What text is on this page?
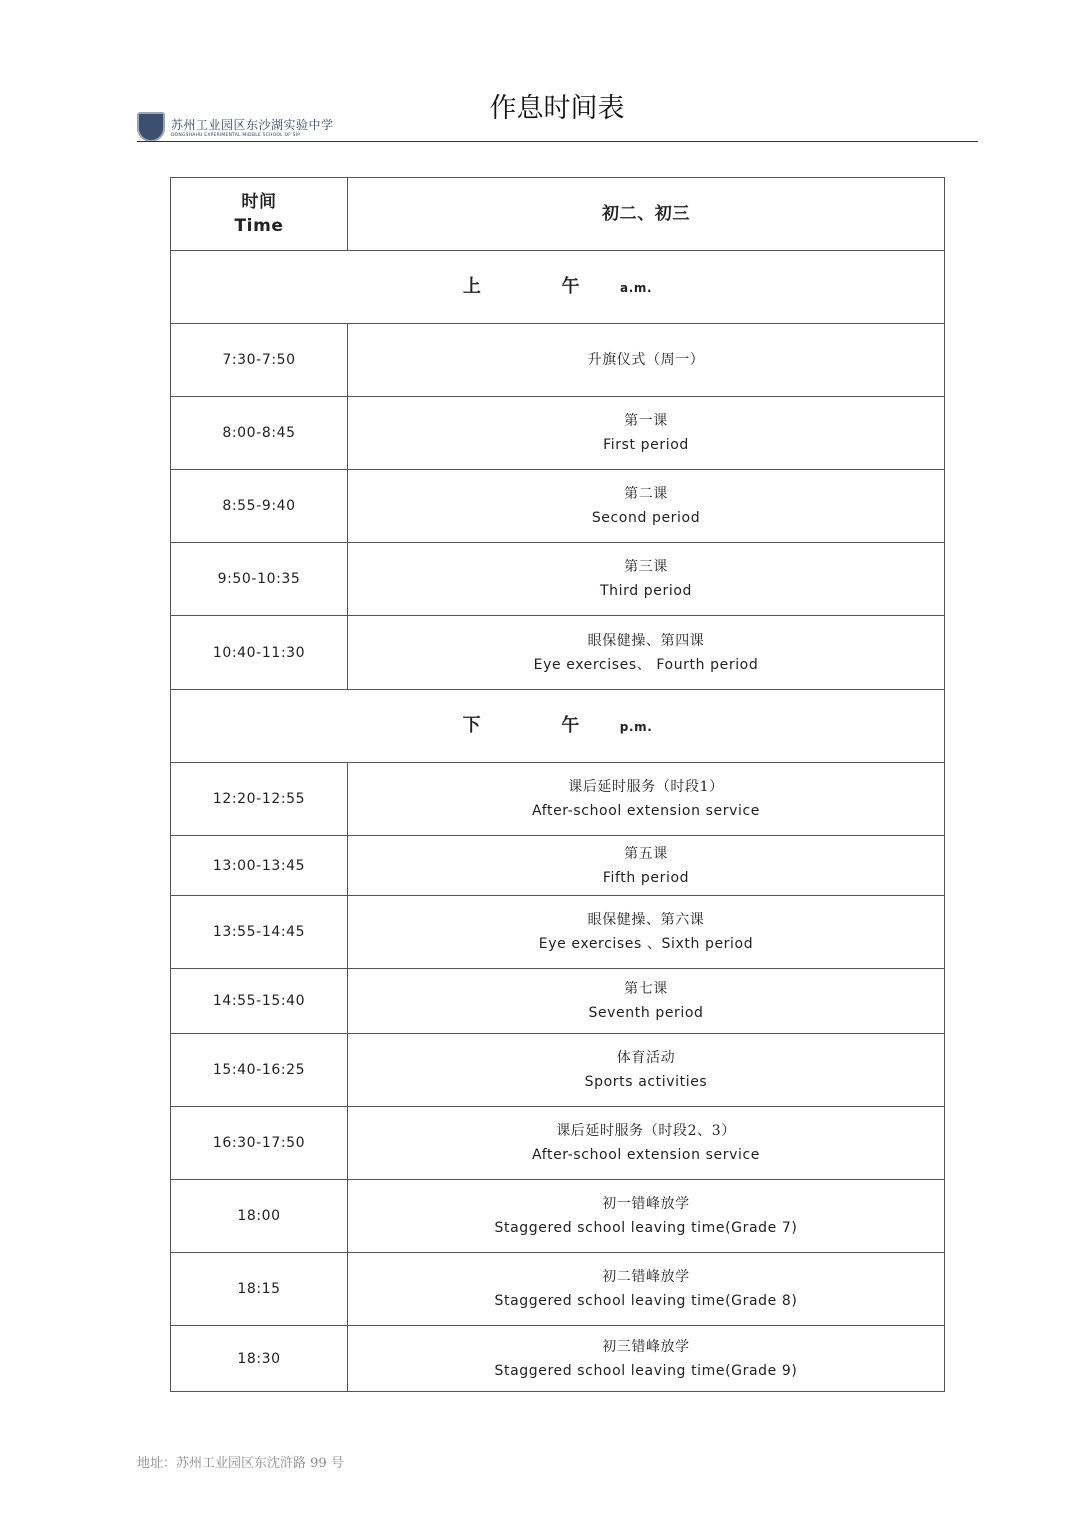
苏州工业园区东沙湖实验中学
DONGSHAHU EXPERIMENTAL MIDDLE SCHOOL OF SIP
作息时间表
时间
Time	初二、初三
上 午 a.m.	
7:30-7:50	升旗仪式（周一）

8:00-8:45	第一课
First period

8:55-9:40	第二课
Second period

9:50-10:35	第三课
Third period

10:40-11:30	眼保健操、第四课
Eye exercises、 Fourth period

下 午 p.m.	
12:20-12:55	课后延时服务（时段1）
After-school extension service

13:00-13:45	第五课
Fifth period

13:55-14:45	眼保健操、第六课
Eye exercises 、Sixth period

14:55-15:40	第七课
Seventh period

15:40-16:25	体育活动
Sports activities

16:30-17:50	课后延时服务（时段2、3）
After-school extension service

18:00	初一错峰放学
Staggered school leaving time(Grade 7)

18:15	初二错峰放学
Staggered school leaving time(Grade 8)

18:30	初三错峰放学
Staggered school leaving time(Grade 9)
地址：苏州工业园区东沈浒路 99 号
